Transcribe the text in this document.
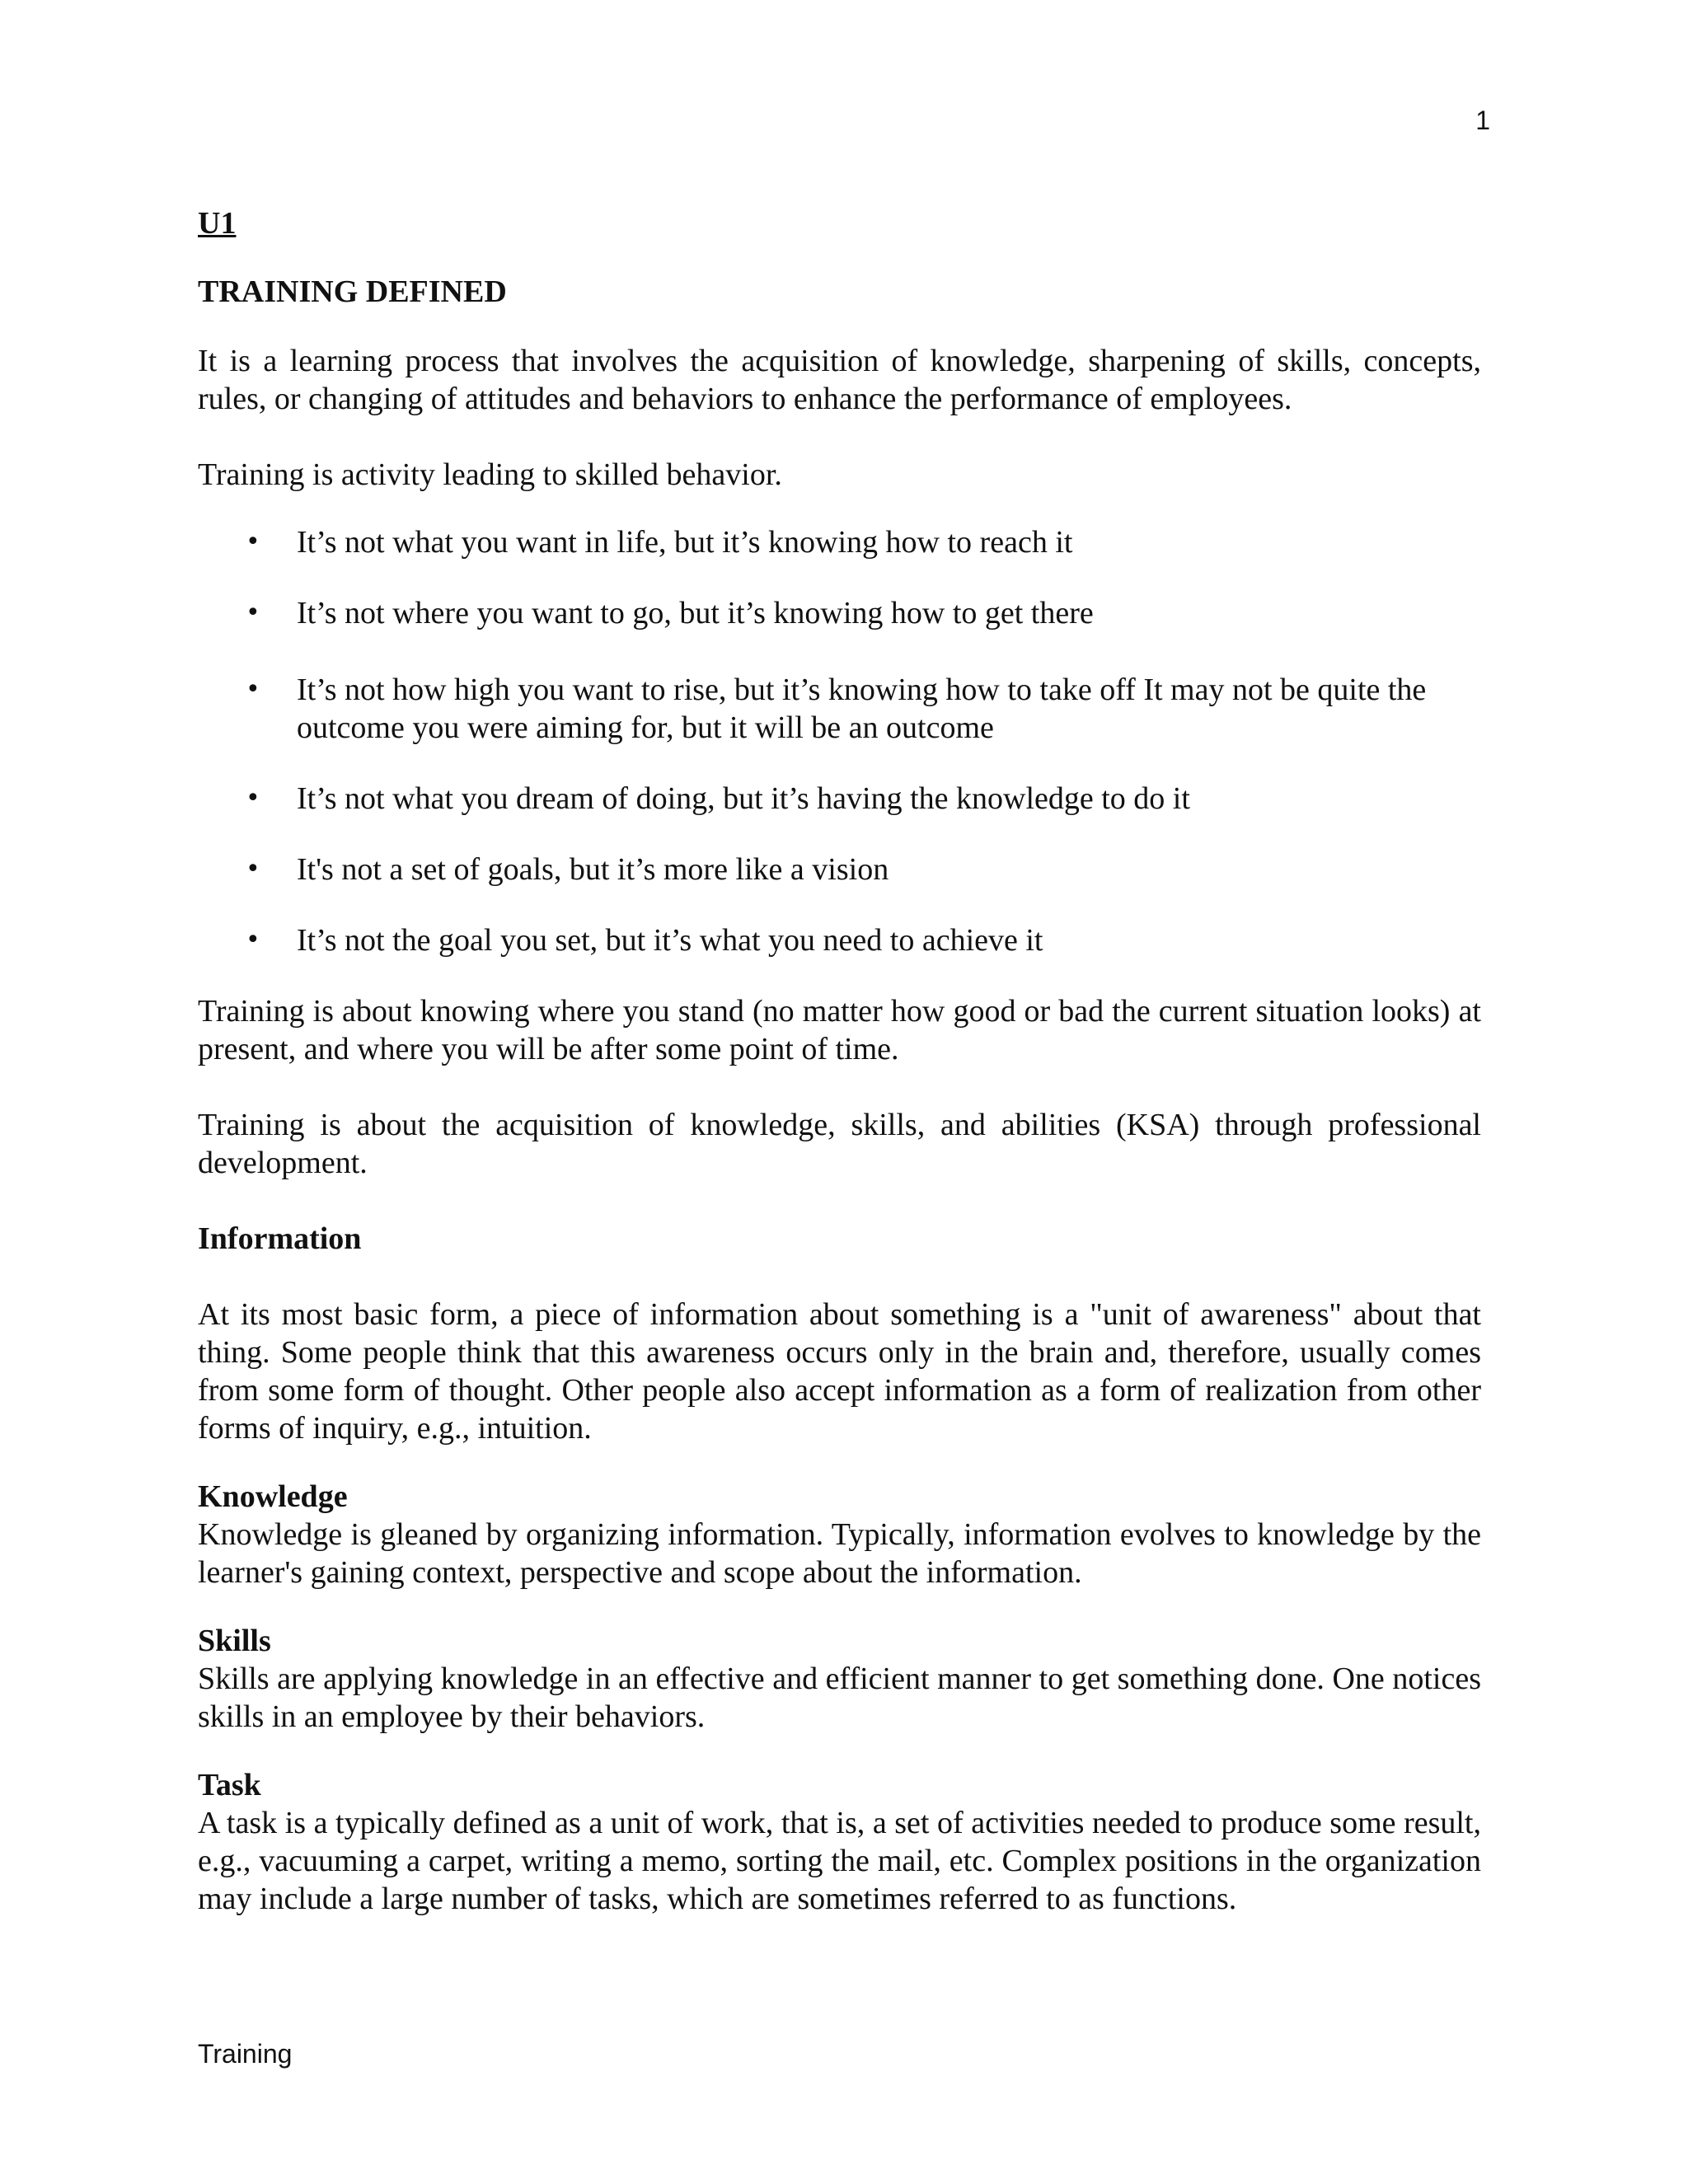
1

U1

TRAINING DEFINED

It is a learning process that involves the acquisition of knowledge, sharpening of skills, concepts, rules, or changing of attitudes and behaviors to enhance the performance of employees.

Training is activity leading to skilled behavior.

• It’s not what you want in life, but it’s knowing how to reach it
• It’s not where you want to go, but it’s knowing how to get there
• It’s not how high you want to rise, but it’s knowing how to take off It may not be quite the outcome you were aiming for, but it will be an outcome
• It’s not what you dream of doing, but it’s having the knowledge to do it
• It's not a set of goals, but it’s more like a vision
• It’s not the goal you set, but it’s what you need to achieve it

Training is about knowing where you stand (no matter how good or bad the current situation looks) at present, and where you will be after some point of time.

Training is about the acquisition of knowledge, skills, and abilities (KSA) through professional development.

Information

At its most basic form, a piece of information about something is a "unit of awareness" about that thing. Some people think that this awareness occurs only in the brain and, therefore, usually comes from some form of thought. Other people also accept information as a form of realization from other forms of inquiry, e.g., intuition.

Knowledge

Knowledge is gleaned by organizing information. Typically, information evolves to knowledge by the learner's gaining context, perspective and scope about the information.

Skills

Skills are applying knowledge in an effective and efficient manner to get something done. One notices skills in an employee by their behaviors.

Task

A task is a typically defined as a unit of work, that is, a set of activities needed to produce some result, e.g., vacuuming a carpet, writing a memo, sorting the mail, etc. Complex positions in the organization may include a large number of tasks, which are sometimes referred to as functions.

Training
